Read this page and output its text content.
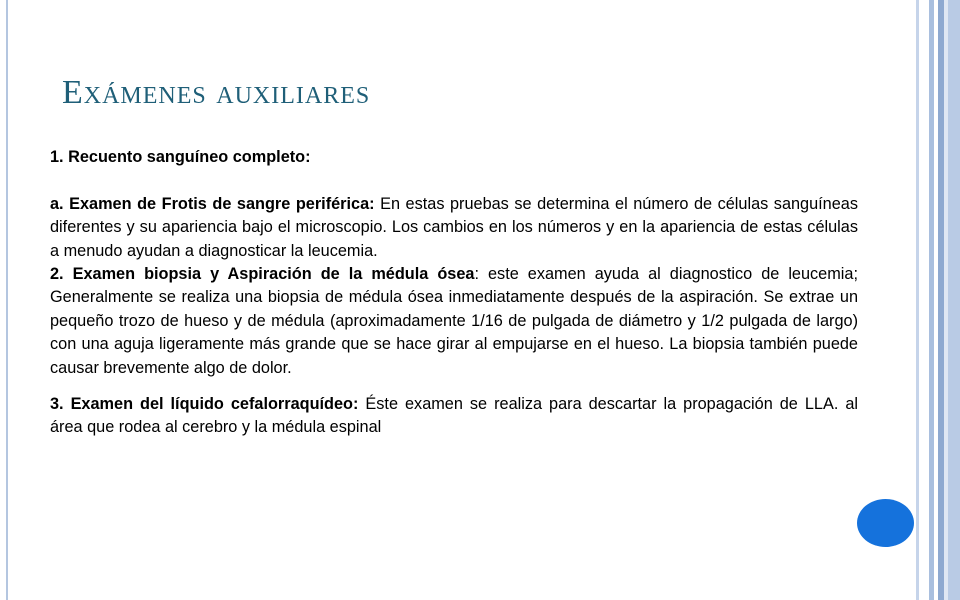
Exámenes auxiliares

1. Recuento sanguíneo completo:

a. Examen de Frotis de sangre periférica: En estas pruebas se determina el número de células sanguíneas diferentes y su apariencia bajo el microscopio. Los cambios en los números y en la apariencia de estas células a menudo ayudan a diagnosticar la leucemia.

2. Examen biopsia y Aspiración de la médula ósea: este examen ayuda al diagnostico de leucemia; Generalmente se realiza una biopsia de médula ósea inmediatamente después de la aspiración. Se extrae un pequeño trozo de hueso y de médula (aproximadamente 1/16 de pulgada de diámetro y 1/2 pulgada de largo) con una aguja ligeramente más grande que se hace girar al empujarse en el hueso. La biopsia también puede causar brevemente algo de dolor.

3. Examen del líquido cefalorraquídeo: Éste examen se realiza para descartar la propagación de LLA. al área que rodea al cerebro y la médula espinal
